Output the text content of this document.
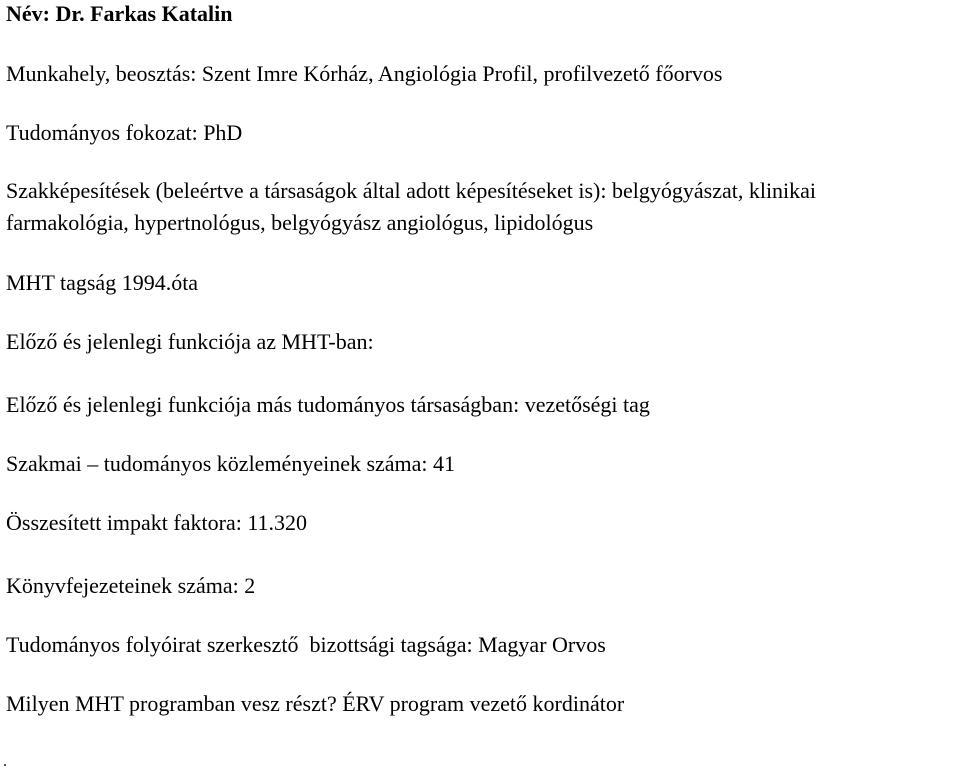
Név: Dr. Farkas Katalin
Munkahely, beosztás: Szent Imre Kórház, Angiológia Profil, profilvezető főorvos
Tudományos fokozat: PhD
Szakképesítések (beleértve a társaságok által adott képesítéseket is): belgyógyászat, klinikai
farmakológia, hypertnológus, belgyógyász angiológus, lipidológus
MHT tagság 1994.óta
Előző és jelenlegi funkciója az MHT-ban:
Előző és jelenlegi funkciója más tudományos társaságban: vezetőségi tag
Szakmai – tudományos közleményeinek száma: 41
Összesített impakt faktora: 11.320
Könyvfejezeteinek száma: 2
Tudományos folyóirat szerkesztő bizottsági tagsága: Magyar Orvos
Milyen MHT programban vesz részt? ÉRV program vezető kordinátor
